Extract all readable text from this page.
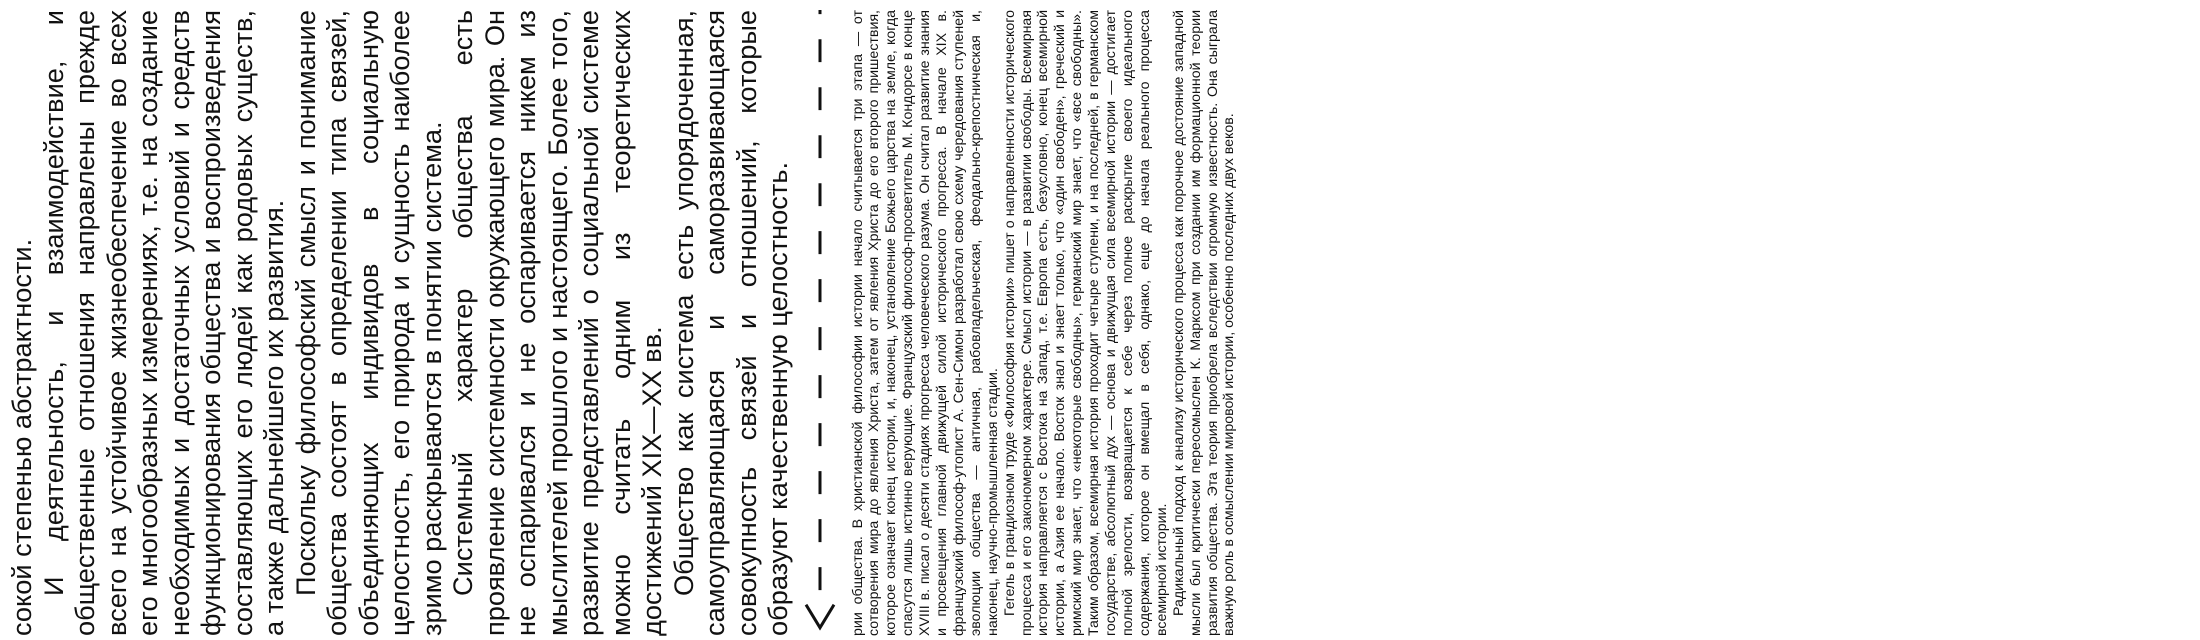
сокой степенью абстрактности. И деятельность, и взаимодействие, и общественные отношения направлены прежде всего на устойчивое жизнеобеспечение во всех его многообразных измерениях, т.е. на создание необходимых и достаточных условий и средств функционирования общества и воспроизведения составляющих его людей как родовых существ, а также дальнейшего их развития. Поскольку философский смысл и понимание общества состоят в определении типа связей, объединяющих индивидов в социальную целостность, его природа и сущность наиболее зримо раскрываются в понятии система. Системный характер общества есть проявление системности окружающего мира. Он не оспаривался и не оспаривается никем из мыслителей прошлого и настоящего. Более того, развитие представлений о социальной системе можно считать одним из теоретических достижений XIX—XX вв. Общество как система есть упорядоченная, самоуправляющаяся и саморазвивающаяся совокупность связей и отношений, которые образуют качественную целостность.	рии общества. В христианской философии истории начало считывается три этапа — от сотворения мира до явления Христа, затем от явления Христа до его второго пришествия, которое означает конец истории, и, наконец, установление Божьего царства на земле, когда спасутся лишь истинно верующие. Французский философ-просветитель М. Кондорсе в конце XVIII в. писал о десяти стадиях прогресса человеческого разума. Он считал развитие знания и просвещения главной движущей силой исторического прогресса. В начале XIX в. французский философ-утопист А. Сен-Симон разработал свою схему чередования ступеней эволюции общества — античная, рабовладельческая, феодально-крепостническая и, наконец, научно-промышленная стадии. Гегель в грандиозном труде «Философия истории» пишет о направленности исторического процесса и его закономерном характере. Смысл истории — в развитии свободы. Всемирная история направляется с Востока на Запад, т.е. Европа есть, безусловно, конец всемирной истории, а Азия ее начало. Восток знал и знает только, что «один свободен», греческий и римский мир знает, что «некоторые свободны», германский мир знает, что «все свободны». Таким образом, всемирная история проходит четыре ступени, и на последней, в германском государстве, абсолютный дух — основа и движущая сила всемирной истории — достигает полной зрелости, возвращается к себе через полное раскрытие своего идеального содержания, которое он вмещал в себя, однако, еще до начала реального процесса всемирной истории. Радикальный подход к анализу исторического процесса как порочное достояние западной мысли был критически переосмыслен К. Марксом при создании им формационной теории развития общества. Эта теория приобрела вследствии огромную известность. Она сыграла важную роль в осмыслении мировой истории, особенно последних двух веков.
